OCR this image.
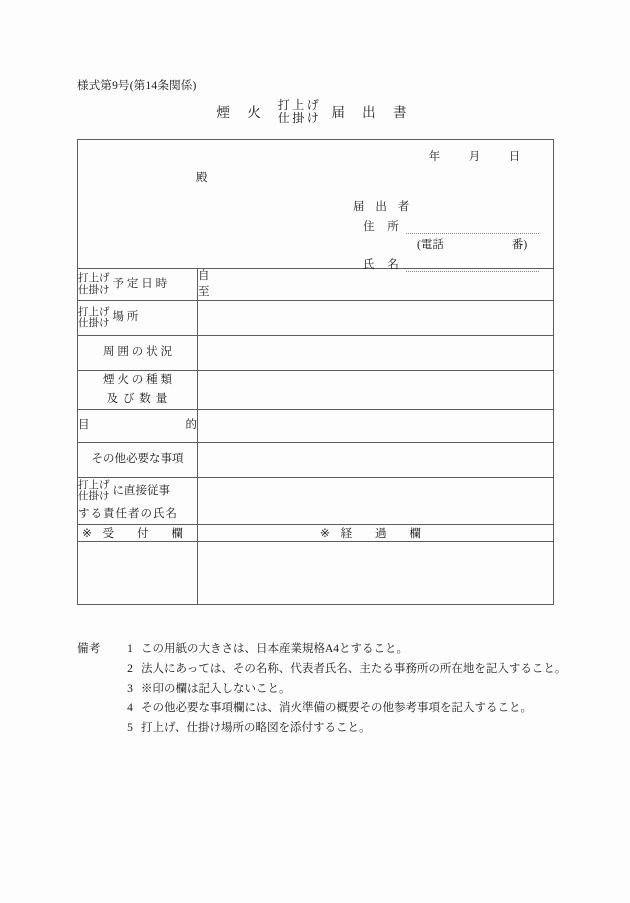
様式第9号(第14条関係)
煙 火 打上げ
仕掛け 届 出 書
年 月 日
殿
届 出 者
住 所
(電話	番)
氏 名

打上げ
仕掛け
予 定 日 時	自
至

打上げ
仕掛け
場 所	

周 囲 の 状 況	

煙 火 の 種 類
及 び 数 量	

目 的	

その他必要な事項	

打上げ
仕掛け
に直接従事
する責任者の氏名	

※ 受 付 欄	※ 経 過 欄

備考	1 この用紙の大きさは、日本産業規格A4とすること。
2 法人にあっては、その名称、代表者氏名、主たる事務所の所在地を記入すること。
3 ※印の欄は記入しないこと。
4 その他必要な事項欄には、消火準備の概要その他参考事項を記入すること。
5 打上げ、仕掛け場所の略図を添付すること。
